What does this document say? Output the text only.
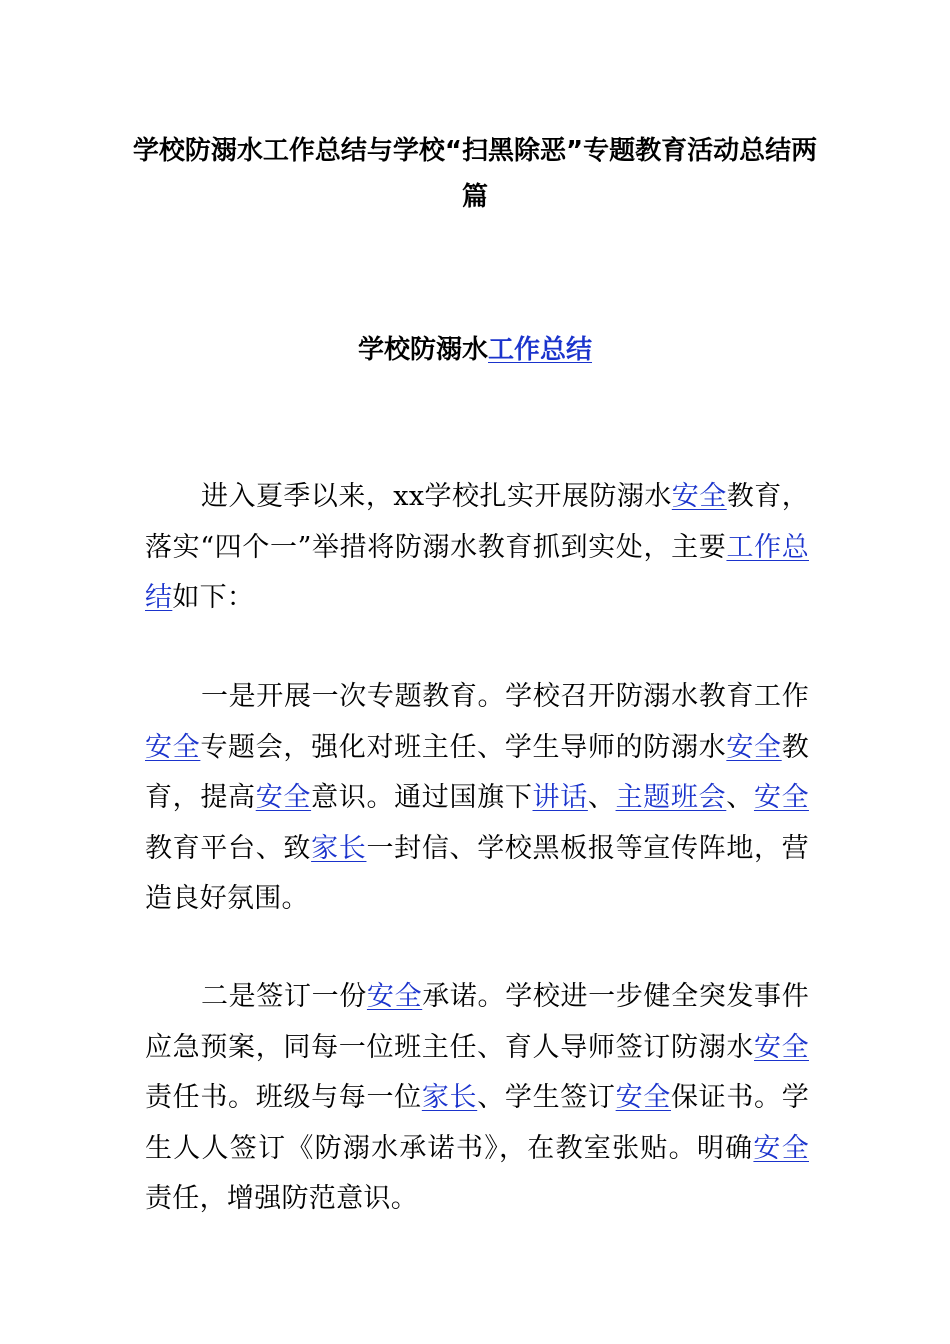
学校防溺水工作总结与学校“扫黑除恶”专题教育活动总结两篇
学校防溺水工作总结

进入夏季以来，xx学校扎实开展防溺水安全教育，落实“四个一”举措将防溺水教育抓到实处，主要工作总结如下：

一是开展一次专题教育。学校召开防溺水教育工作安全专题会，强化对班主任、学生导师的防溺水安全教育，提高安全意识。通过国旗下讲话、主题班会、安全教育平台、致家长一封信、学校黑板报等宣传阵地，营造良好氛围。

二是签订一份安全承诺。学校进一步健全突发事件应急预案，同每一位班主任、育人导师签订防溺水安全责任书。班级与每一位家长、学生签订安全保证书。学生人人签订《防溺水承诺书》，在教室张贴。明确安全责任，增强防范意识。
